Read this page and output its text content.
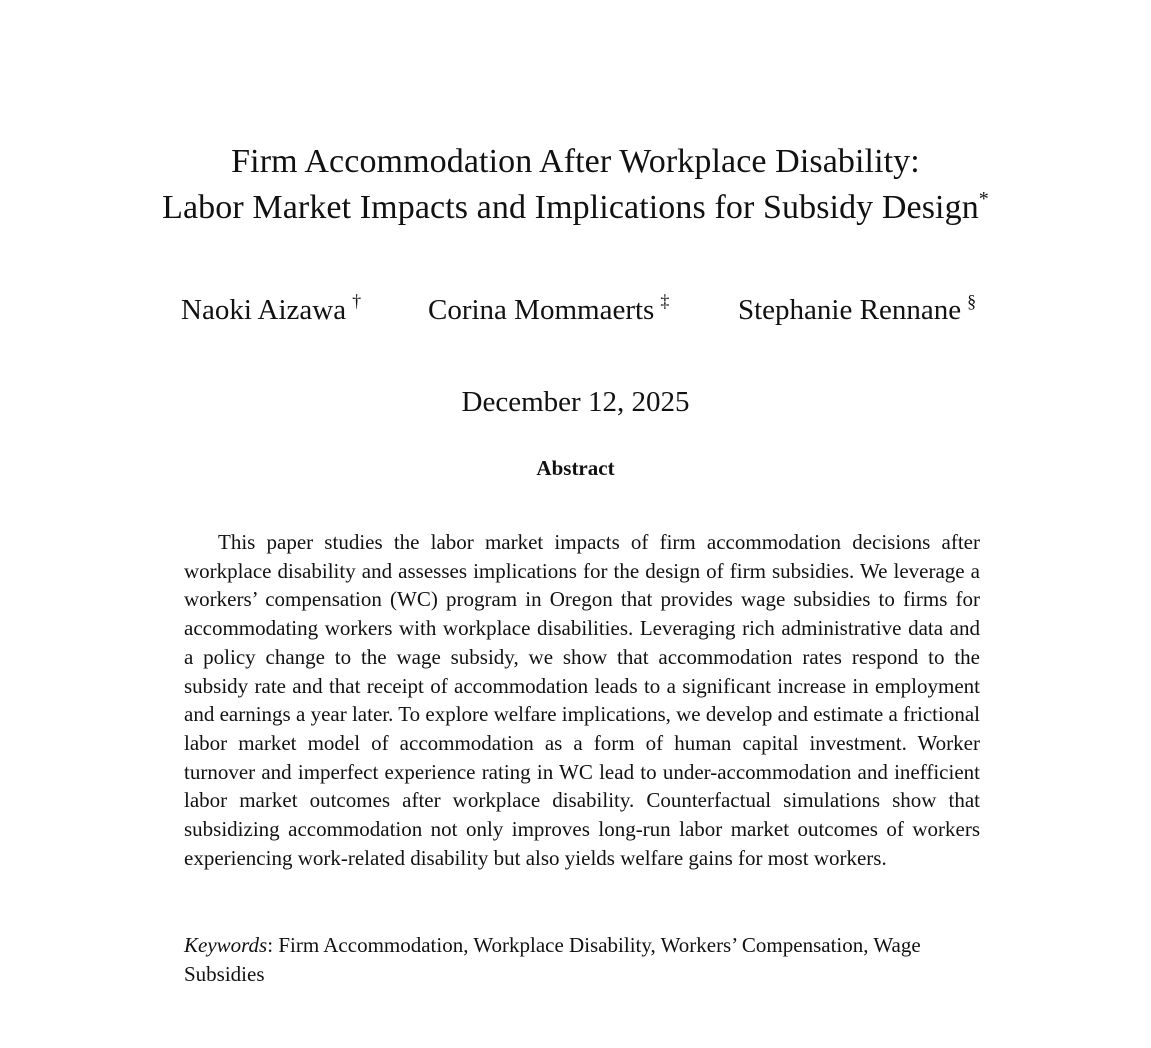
Firm Accommodation After Workplace Disability:
Labor Market Impacts and Implications for Subsidy Design*
Naoki Aizawa † Corina Mommaerts ‡ Stephanie Rennane §
December 12, 2025
Abstract

This paper studies the labor market impacts of firm accommodation decisions after workplace disability and assesses implications for the design of firm subsidies. We leverage a workers’ compensation (WC) program in Oregon that provides wage subsidies to firms for accommodating workers with workplace disabilities. Leveraging rich administrative data and a policy change to the wage subsidy, we show that accommodation rates respond to the subsidy rate and that receipt of accommodation leads to a significant increase in employment and earnings a year later. To explore welfare implications, we develop and estimate a frictional labor market model of accommodation as a form of human capital investment. Worker turnover and imperfect experience rating in WC lead to under-accommodation and inefficient labor market outcomes after workplace disability. Counterfactual simulations show that subsidizing accommodation not only improves long-run labor market outcomes of workers experiencing work-related disability but also yields welfare gains for most workers.

Keywords: Firm Accommodation, Workplace Disability, Workers’ Compensation, Wage Subsidies
